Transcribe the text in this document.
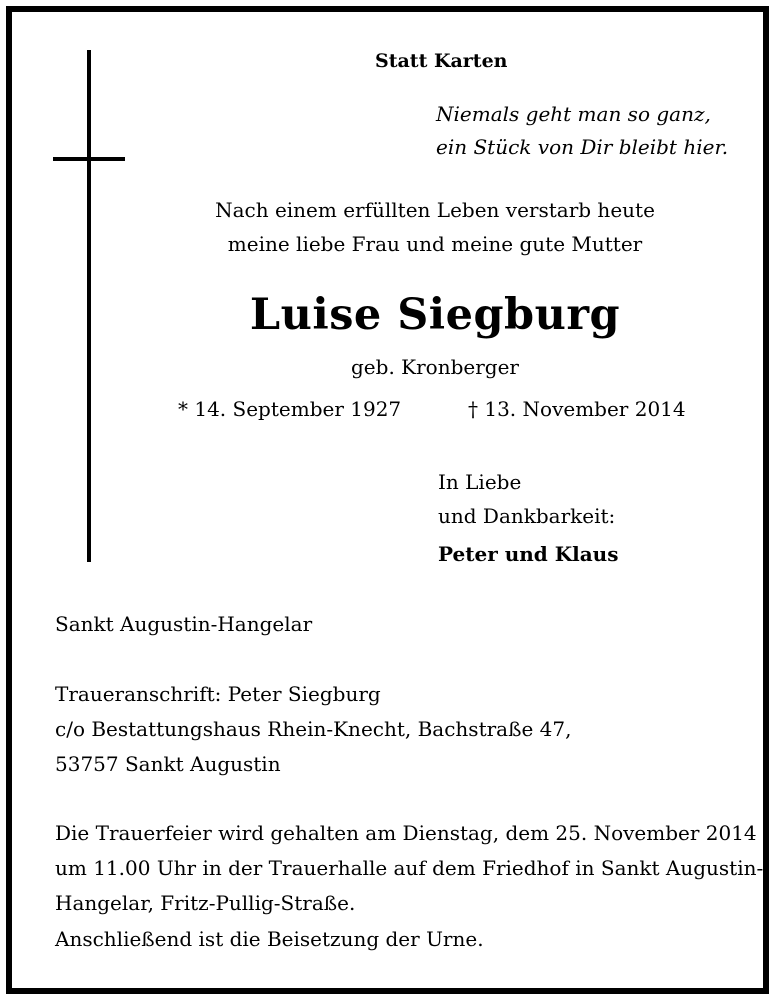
Statt Karten
Niemals geht man so ganz,
ein Stück von Dir bleibt hier.
Nach einem erfüllten Leben verstarb heute
meine liebe Frau und meine gute Mutter
Luise Siegburg
geb. Kronberger
* 14. September 1927	† 13. November 2014
In Liebe
und Dankbarkeit:
Peter und Klaus
Sankt Augustin-Hangelar
Traueranschrift: Peter Siegburg
c/o Bestattungshaus Rhein-Knecht, Bachstraße 47,
53757 Sankt Augustin
Die Trauerfeier wird gehalten am Dienstag, dem 25. November 2014
um 11.00 Uhr in der Trauerhalle auf dem Friedhof in Sankt Augustin-
Hangelar, Fritz-Pullig-Straße.
Anschließend ist die Beisetzung der Urne.
